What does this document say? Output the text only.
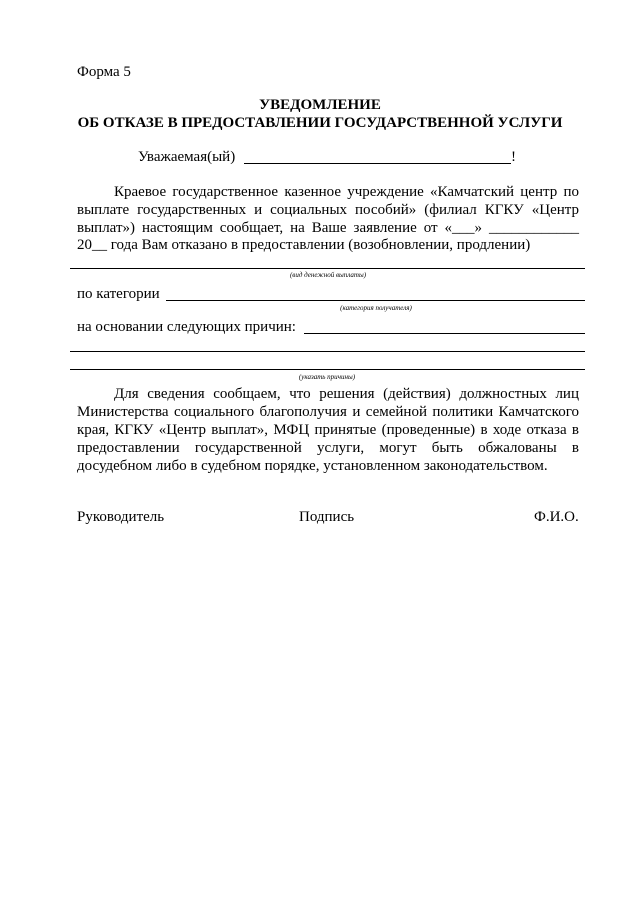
Форма 5
УВЕДОМЛЕНИЕ
ОБ ОТКАЗЕ В ПРЕДОСТАВЛЕНИИ ГОСУДАРСТВЕННОЙ УСЛУГИ
Уважаемая(ый)	!
Краевое государственное казенное учреждение «Камчатский центр по
выплате государственных и социальных пособий» (филиал КГКУ «Центр
выплат») настоящим сообщает, на Ваше заявление от «___» ____________
20__ года Вам отказано в предоставлении (возобновлении, продлении)
(вид денежной выплаты)
по категории
(категория получателя)
на основании следующих причин:
(указать причины)
Для сведения сообщаем, что решения (действия) должностных лиц
Министерства социального благополучия и семейной политики Камчатского
края, КГКУ «Центр выплат», МФЦ принятые (проведенные) в ходе отказа в
предоставлении государственной услуги, могут быть обжалованы в
досудебном либо в судебном порядке, установленном законодательством.
Руководитель	Подпись	Ф.И.О.
